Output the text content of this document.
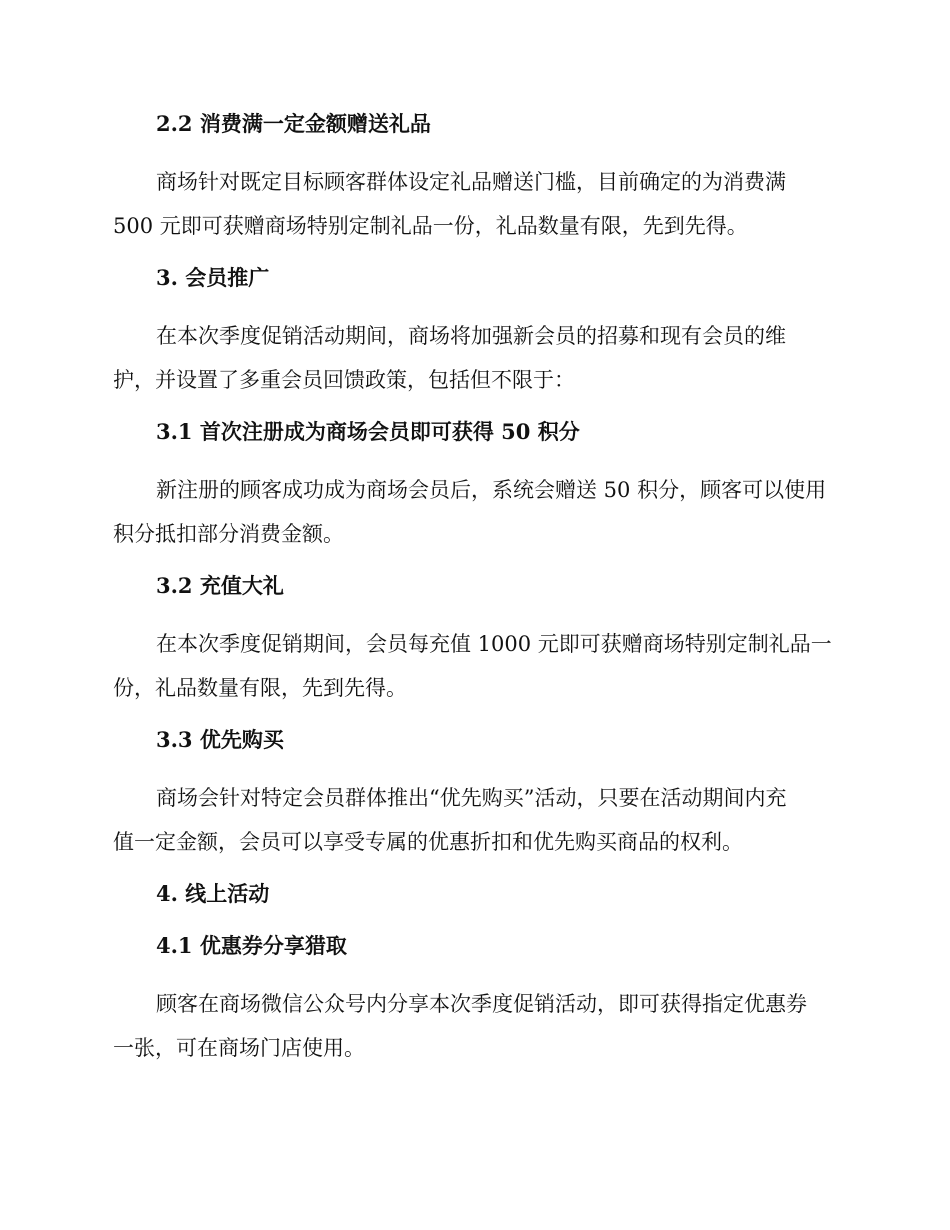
2.2 消费满一定金额赠送礼品

商场针对既定目标顾客群体设定礼品赠送门槛，目前确定的为消费满
500 元即可获赠商场特别定制礼品一份，礼品数量有限，先到先得。

3. 会员推广

在本次季度促销活动期间，商场将加强新会员的招募和现有会员的维
护，并设置了多重会员回馈政策，包括但不限于：

3.1 首次注册成为商场会员即可获得 50 积分

新注册的顾客成功成为商场会员后，系统会赠送 50 积分，顾客可以使用
积分抵扣部分消费金额。

3.2 充值大礼

在本次季度促销期间，会员每充值 1000 元即可获赠商场特别定制礼品一
份，礼品数量有限，先到先得。

3.3 优先购买

商场会针对特定会员群体推出“优先购买”活动，只要在活动期间内充
值一定金额，会员可以享受专属的优惠折扣和优先购买商品的权利。

4. 线上活动
4.1 优惠券分享猎取

顾客在商场微信公众号内分享本次季度促销活动，即可获得指定优惠券
一张，可在商场门店使用。
